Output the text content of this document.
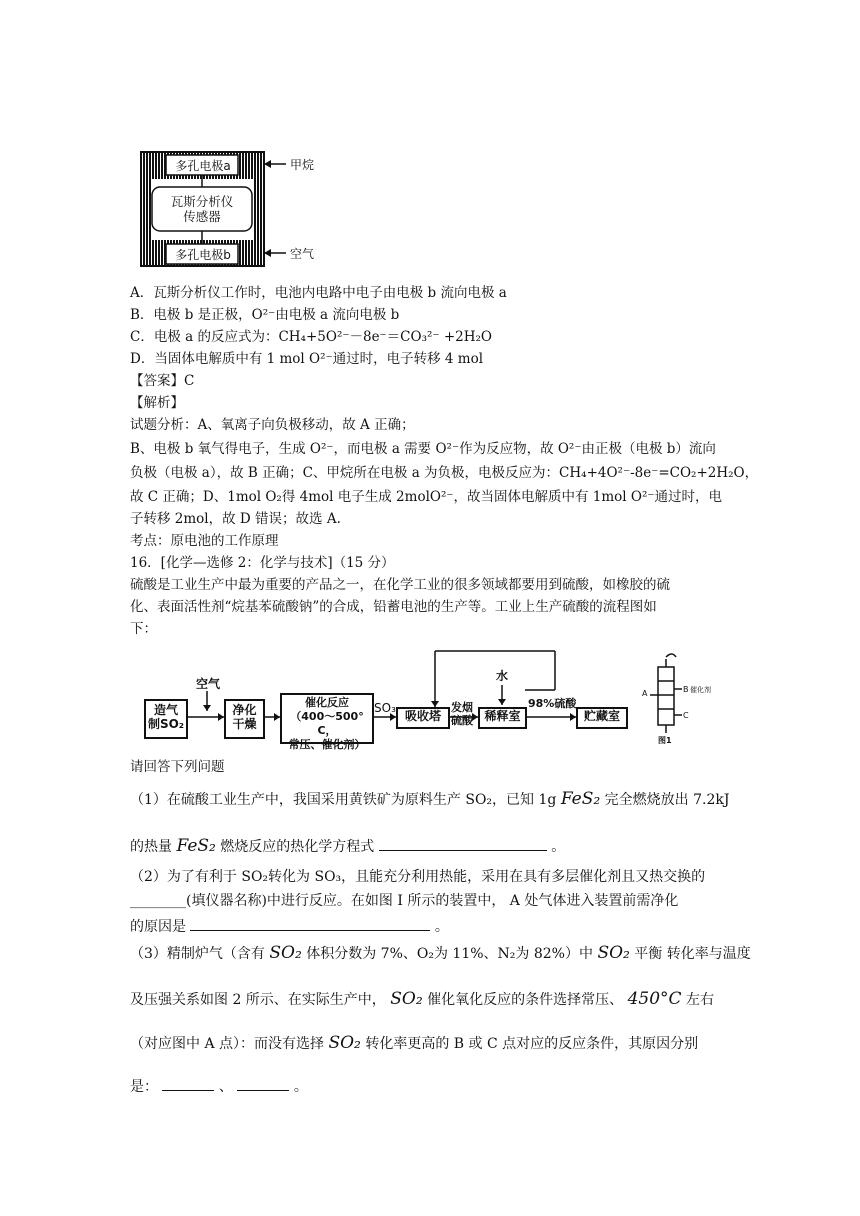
多孔电极a
多孔电极b
瓦斯分析仪
传感器
甲烷
空气
A．瓦斯分析仪工作时，电池内电路中电子由电极 b 流向电极 a
B．电极 b 是正极，O²⁻由电极 a 流向电极 b
C．电极 a 的反应式为：CH₄+5O²⁻－8e⁻＝CO₃²⁻ +2H₂O
D．当固体电解质中有 1 mol O²⁻通过时，电子转移 4 mol
【答案】C
【解析】
试题分析：A、氧离子向负极移动，故 A 正确；
B、电极 b 氧气得电子，生成 O²⁻，而电极 a 需要 O²⁻作为反应物，故 O²⁻由正极（电极 b）流向
负极（电极 a），故 B 正确；C、甲烷所在电极 a 为负极，电极反应为：CH₄+4O²⁻-8e⁻=CO₂+2H₂O，
故 C 正确；D、1mol O₂得 4mol 电子生成 2molO²⁻，故当固体电解质中有 1mol O²⁻通过时，电
子转移 2mol，故 D 错误；故选 A.
考点：原电池的工作原理
16．[化学—选修 2：化学与技术]（15 分）
硫酸是工业生产中最为重要的产品之一，在化学工业的很多领域都要用到硫酸，如橡胶的硫
化、表面活性剂“烷基苯硫酸钠”的合成，铅蓄电池的生产等。工业上生产硫酸的流程图如
下：
造气
制SO₂
空气
净化
干燥
催化反应
（400～500° C，
常压、催化剂）
SO₃
吸收塔
发烟
硫酸 稀释室
水
98%硫酸
贮藏室
A	B 催化剂
C
图1
请回答下列问题
（1）在硫酸工业生产中，我国采用黄铁矿为原料生产 SO₂，已知 1g FeS₂ 完全燃烧放出 7.2kJ
的热量 FeS₂ 燃烧反应的热化学方程式	。
（2）为了有利于 SO₂转化为 SO₃，且能充分利用热能，采用在具有多层催化剂且又热交换的
________(填仪器名称)中进行反应。在如图 I 所示的装置中， A 处气体进入装置前需净化
的原因是	。
（3）精制炉气（含有 SO₂ 体积分数为 7%、O₂为 11%、N₂为 82%）中 SO₂ 平衡 转化率与温度
及压强关系如图 2 所示、在实际生产中， SO₂ 催化氧化反应的条件选择常压、 450°C 左右
（对应图中 A 点）：而没有选择 SO₂ 转化率更高的 B 或 C 点对应的反应条件，其原因分别
是：	、	。
